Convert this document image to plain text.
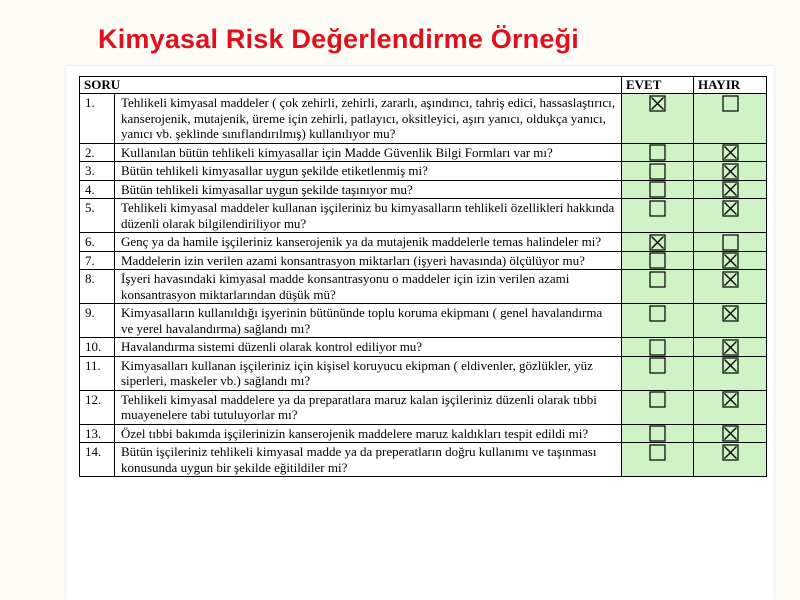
Kimyasal Risk Değerlendirme Örneği
SORU		EVET	HAYIR
1.	Tehlikeli kimyasal maddeler ( çok zehirli, zehirli, zararlı, aşındırıcı, tahriş edici, hassaslaştırıcı, kanserojenik, mutajenik, üreme için zehirli, patlayıcı, oksitleyici, aşırı yanıcı, oldukça yanıcı, yanıcı vb. şeklinde sınıflandırılmış) kullanılıyor mu?	

2.	Kullanılan bütün tehlikeli kimyasallar için Madde Güvenlik Bilgi Formları var mı?	

3.	Bütün tehlikeli kimyasallar uygun şekilde etiketlenmiş mi?	

4.	Bütün tehlikeli kimyasallar uygun şekilde taşınıyor mu?	

5.	Tehlikeli kimyasal maddeler kullanan işçileriniz bu kimyasalların tehlikeli özellikleri hakkında düzenli olarak bilgilendiriliyor mu?	

6.	Genç ya da hamile işçileriniz kanserojenik ya da mutajenik maddelerle temas halindeler mi?	

7.	Maddelerin izin verilen azami konsantrasyon miktarları (işyeri havasında) ölçülüyor mu?	

8.	İşyeri havasındaki kimyasal madde konsantrasyonu o maddeler için izin verilen azami konsantrasyon miktarlarından düşük mü?	

9.	Kimyasalların kullanıldığı işyerinin bütününde toplu koruma ekipmanı ( genel havalandırma ve yerel havalandırma) sağlandı mı?	

10.	Havalandırma sistemi düzenli olarak kontrol ediliyor mu?	

11.	Kimyasalları kullanan işçileriniz için kişisel koruyucu ekipman ( eldivenler, gözlükler, yüz siperleri, maskeler vb.) sağlandı mı?	

12.	Tehlikeli kimyasal maddelere ya da preparatlara maruz kalan işçileriniz düzenli olarak tıbbi muayenelere tabi tutuluyorlar mı?	

13.	Özel tıbbi bakımda işçilerinizin kanserojenik maddelere maruz kaldıkları tespit edildi mi?	

14.	Bütün işçileriniz tehlikeli kimyasal madde ya da preperatların doğru kullanımı ve taşınması konusunda uygun bir şekilde eğitildiler mi?	
